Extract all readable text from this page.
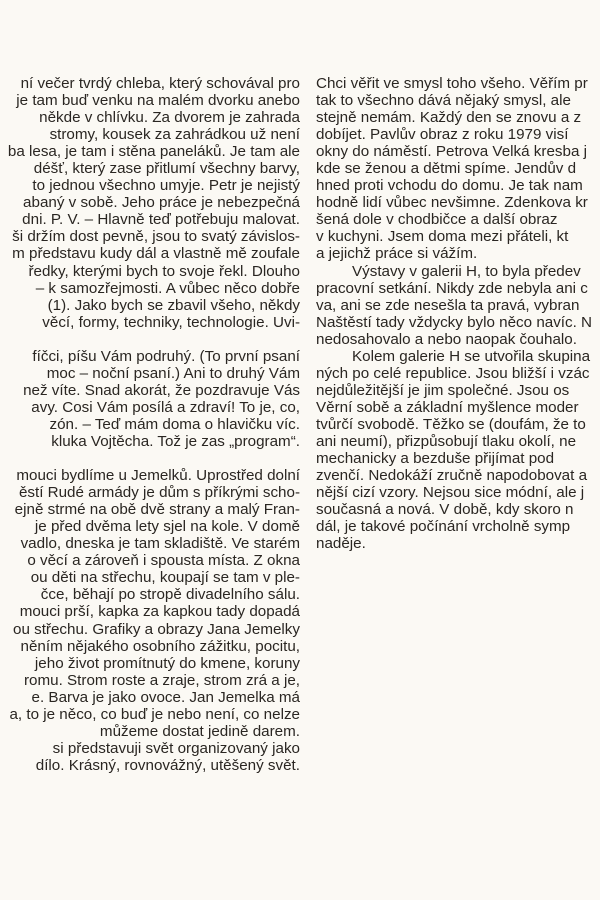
ní večer tvrdý chleba, který schovával pro
je tam buď venku na malém dvorku anebo
někde v chlívku. Za dvorem je zahrada
stromy, kousek za zahrádkou už není
ba lesa, je tam i stěna paneláků. Je tam ale
déšť, který zase přitlumí všechny barvy,
to jednou všechno umyje. Petr je nejistý
abaný v sobě. Jeho práce je nebezpečná
dni. P. V. – Hlavně teď potřebuju malovat.
ši držím dost pevně, jsou to svatý závislos-
m představu kudy dál a vlastně mě zoufale
ředky, kterými bych to svoje řekl. Dlouho
– k samozřejmosti. A vůbec něco dobře
(1). Jako bych se zbavil všeho, někdy
věcí, formy, techniky, technologie. Uvi-
fíčci, píšu Vám podruhý. (To první psaní
moc – noční psaní.) Ani to druhý Vám
než víte. Snad akorát, že pozdravuje Vás
avy. Cosi Vám posílá a zdraví! To je, co,
zón. – Teď mám doma o hlavičku víc.
kluka Vojtěcha. Tož je zas „program“.
mouci bydlíme u Jemelků. Uprostřed dolní
ěstí Rudé armády je dům s příkrými scho-
ejně strmé na obě dvě strany a malý Fran-
je před dvěma lety sjel na kole. V domě
vadlo, dneska je tam skladiště. Ve starém
o věcí a zároveň i spousta místa. Z okna
ou děti na střechu, koupají se tam v ple-
čce, běhají po stropě divadelního sálu.
mouci prší, kapka za kapkou tady dopadá
ou střechu. Grafiky a obrazy Jana Jemelky
něním nějakého osobního zážitku, pocitu,
jeho život promítnutý do kmene, koruny
romu. Strom roste a zraje, strom zrá a je,
e. Barva je jako ovoce. Jan Jemelka má
a, to je něco, co buď je nebo není, co nelze
můžeme dostat jedině darem.
si představuji svět organizovaný jako
dílo. Krásný, rovnovážný, utěšený svět.
Chci věřit ve smysl toho všeho. Věřím pr
tak to všechno dává nějaký smysl, ale
stejně nemám. Každý den se znovu a z
dobíjet. Pavlův obraz z roku 1979 visí
okny do náměstí. Petrova Velká kresba j
kde se ženou a dětmi spíme. Jendův d
hned proti vchodu do domu. Je tak nam
hodně lidí vůbec nevšimne. Zdenkova kr
šená dole v chodbičce a další obraz
v kuchyni. Jsem doma mezi přáteli, kt
a jejichž práce si vážím.
Výstavy v galerii H, to byla předev
pracovní setkání. Nikdy zde nebyla ani c
va, ani se zde nesešla ta pravá, vybran
Naštěstí tady vždycky bylo něco navíc. N
nedosahovalo a nebo naopak čouhalo.
Kolem galerie H se utvořila skupina
ných po celé republice. Jsou bližší i vzác
nejdůležitější je jim společné. Jsou os
Věrní sobě a základní myšlence moder
tvůrčí svobodě. Těžko se (doufám, že to
ani neumí), přizpůsobují tlaku okolí, ne
mechanicky a bezduše přijímat pod
zvenčí. Nedokáží zručně napodobovat a
nější cizí vzory. Nejsou sice módní, ale j
současná a nová. V době, kdy skoro n
dál, je takové počínání vrcholně symp
naděje.
